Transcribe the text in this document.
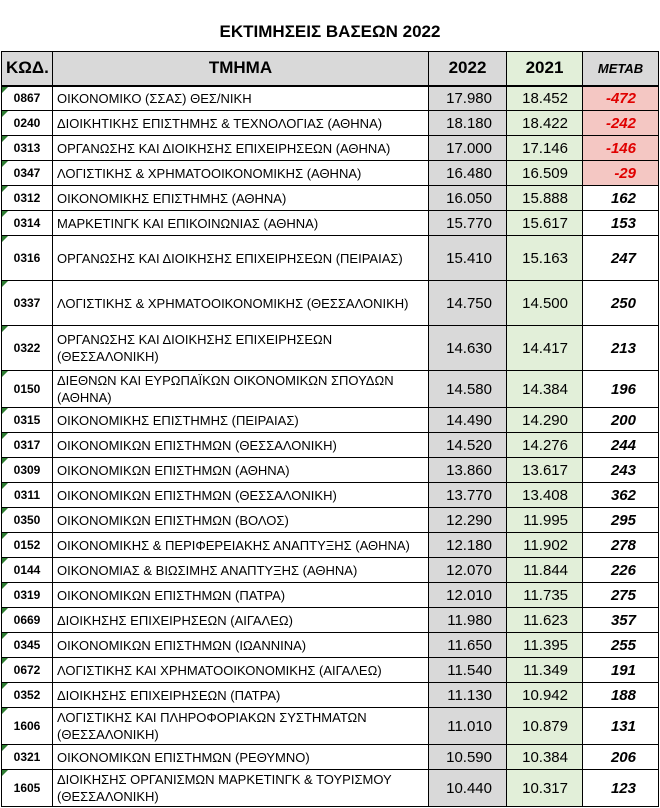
ΕΚΤΙΜΗΣΕΙΣ ΒΑΣΕΩΝ 2022
ΚΩΔ.	ΤΜΗΜΑ	2022	2021	ΜΕΤΑΒ
0867	ΟΙΚΟΝΟΜΙΚΟ (ΣΣΑΣ) ΘΕΣ/ΝΙΚΗ	17.980	18.452	-472
0240	ΔΙΟΙΚΗΤΙΚΗΣ ΕΠΙΣΤΗΜΗΣ & ΤΕΧΝΟΛΟΓΙΑΣ (ΑΘΗΝΑ)	18.180	18.422	-242
0313	ΟΡΓΑΝΩΣΗΣ ΚΑΙ ΔΙΟΙΚΗΣΗΣ ΕΠΙΧΕΙΡΗΣΕΩΝ (ΑΘΗΝΑ)	17.000	17.146	-146
0347	ΛΟΓΙΣΤΙΚΗΣ & ΧΡΗΜΑΤΟΟΙΚΟΝΟΜΙΚΗΣ (ΑΘΗΝΑ)	16.480	16.509	-29
0312	ΟΙΚΟΝΟΜΙΚΗΣ ΕΠΙΣΤΗΜΗΣ (ΑΘΗΝΑ)	16.050	15.888	162
0314	ΜΑΡΚΕΤΙΝΓΚ ΚΑΙ ΕΠΙΚΟΙΝΩΝΙΑΣ (ΑΘΗΝΑ)	15.770	15.617	153
0316	ΟΡΓΑΝΩΣΗΣ ΚΑΙ ΔΙΟΙΚΗΣΗΣ ΕΠΙΧΕΙΡΗΣΕΩΝ (ΠΕΙΡΑΙΑΣ)	15.410	15.163	247
0337	ΛΟΓΙΣΤΙΚΗΣ & ΧΡΗΜΑΤΟΟΙΚΟΝΟΜΙΚΗΣ (ΘΕΣΣΑΛΟΝΙΚΗ)	14.750	14.500	250
0322	ΟΡΓΑΝΩΣΗΣ ΚΑΙ ΔΙΟΙΚΗΣΗΣ ΕΠΙΧΕΙΡΗΣΕΩΝ (ΘΕΣΣΑΛΟΝΙΚΗ)	14.630	14.417	213
0150	ΔΙΕΘΝΩΝ ΚΑΙ ΕΥΡΩΠΑΪΚΩΝ ΟΙΚΟΝΟΜΙΚΩΝ ΣΠΟΥΔΩΝ (ΑΘΗΝΑ)	14.580	14.384	196
0315	ΟΙΚΟΝΟΜΙΚΗΣ ΕΠΙΣΤΗΜΗΣ (ΠΕΙΡΑΙΑΣ)	14.490	14.290	200
0317	ΟΙΚΟΝΟΜΙΚΩΝ ΕΠΙΣΤΗΜΩΝ (ΘΕΣΣΑΛΟΝΙΚΗ)	14.520	14.276	244
0309	ΟΙΚΟΝΟΜΙΚΩΝ ΕΠΙΣΤΗΜΩΝ (ΑΘΗΝΑ)	13.860	13.617	243
0311	ΟΙΚΟΝΟΜΙΚΩΝ ΕΠΙΣΤΗΜΩΝ (ΘΕΣΣΑΛΟΝΙΚΗ)	13.770	13.408	362
0350	ΟΙΚΟΝΟΜΙΚΩΝ ΕΠΙΣΤΗΜΩΝ (ΒΟΛΟΣ)	12.290	11.995	295
0152	ΟΙΚΟΝΟΜΙΚΗΣ & ΠΕΡΙΦΕΡΕΙΑΚΗΣ ΑΝΑΠΤΥΞΗΣ (ΑΘΗΝΑ)	12.180	11.902	278
0144	ΟΙΚΟΝΟΜΙΑΣ & ΒΙΩΣΙΜΗΣ ΑΝΑΠΤΥΞΗΣ (ΑΘΗΝΑ)	12.070	11.844	226
0319	ΟΙΚΟΝΟΜΙΚΩΝ ΕΠΙΣΤΗΜΩΝ (ΠΑΤΡΑ)	12.010	11.735	275
0669	ΔΙΟΙΚΗΣΗΣ ΕΠΙΧΕΙΡΗΣΕΩΝ (ΑΙΓΑΛΕΩ)	11.980	11.623	357
0345	ΟΙΚΟΝΟΜΙΚΩΝ ΕΠΙΣΤΗΜΩΝ (ΙΩΑΝΝΙΝΑ)	11.650	11.395	255
0672	ΛΟΓΙΣΤΙΚΗΣ ΚΑΙ ΧΡΗΜΑΤΟΟΙΚΟΝΟΜΙΚΗΣ (ΑΙΓΑΛΕΩ)	11.540	11.349	191
0352	ΔΙΟΙΚΗΣΗΣ ΕΠΙΧΕΙΡΗΣΕΩΝ (ΠΑΤΡΑ)	11.130	10.942	188
1606	ΛΟΓΙΣΤΙΚΗΣ ΚΑΙ ΠΛΗΡΟΦΟΡΙΑΚΩΝ ΣΥΣΤΗΜΑΤΩΝ (ΘΕΣΣΑΛΟΝΙΚΗ)	11.010	10.879	131
0321	ΟΙΚΟΝΟΜΙΚΩΝ ΕΠΙΣΤΗΜΩΝ (ΡΕΘΥΜΝΟ)	10.590	10.384	206
1605	ΔΙΟΙΚΗΣΗΣ ΟΡΓΑΝΙΣΜΩΝ ΜΑΡΚΕΤΙΝΓΚ & ΤΟΥΡΙΣΜΟΥ (ΘΕΣΣΑΛΟΝΙΚΗ)	10.440	10.317	123
